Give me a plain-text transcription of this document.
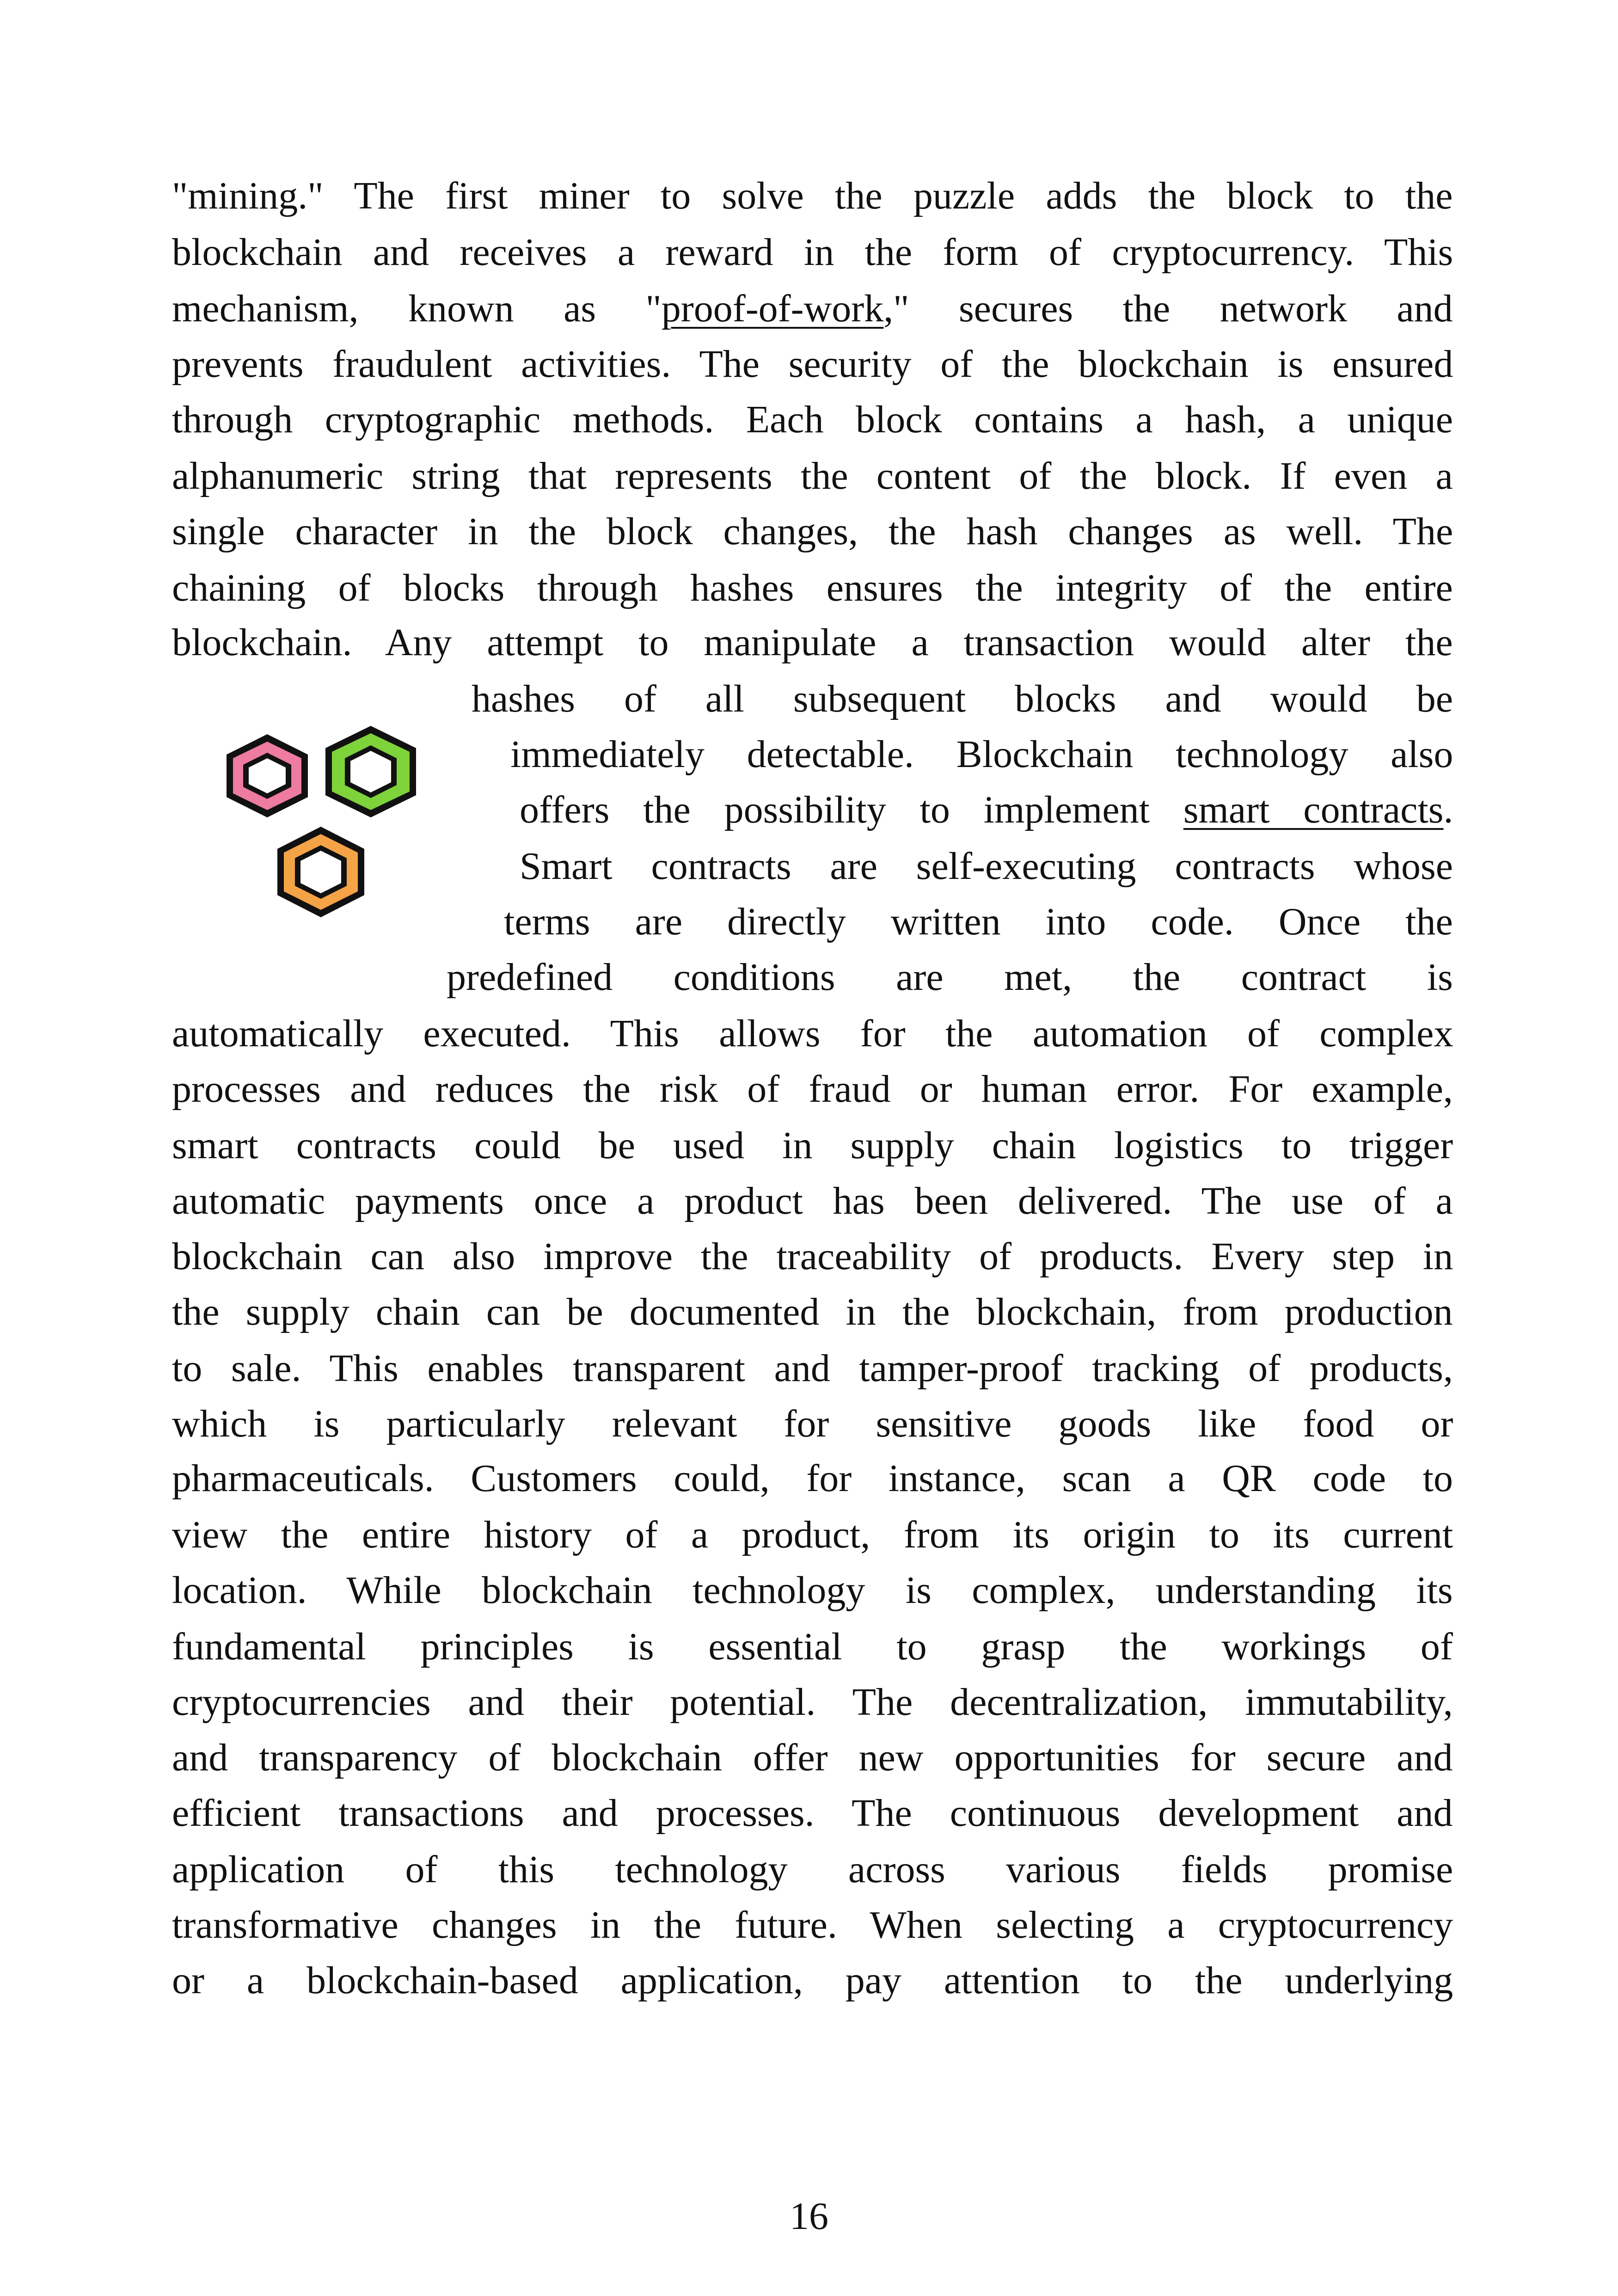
"mining." The first miner to solve the puzzle adds the block to the
blockchain and receives a reward in the form of cryptocurrency. This
mechanism, known as "proof-of-work," secures the network and
prevents fraudulent activities. The security of the blockchain is ensured
through cryptographic methods. Each block contains a hash, a unique
alphanumeric string that represents the content of the block. If even a
single character in the block changes, the hash changes as well. The
chaining of blocks through hashes ensures the integrity of the entire
blockchain. Any attempt to manipulate a transaction would alter the
hashes of all subsequent blocks and would be
immediately detectable. Blockchain technology also
offers the possibility to implement smart contracts.
Smart contracts are self-executing contracts whose
terms are directly written into code. Once the
predefined conditions are met, the contract is
automatically executed. This allows for the automation of complex
processes and reduces the risk of fraud or human error. For example,
smart contracts could be used in supply chain logistics to trigger
automatic payments once a product has been delivered. The use of a
blockchain can also improve the traceability of products. Every step in
the supply chain can be documented in the blockchain, from production
to sale. This enables transparent and tamper-proof tracking of products,
which is particularly relevant for sensitive goods like food or
pharmaceuticals. Customers could, for instance, scan a QR code to
view the entire history of a product, from its origin to its current
location. While blockchain technology is complex, understanding its
fundamental principles is essential to grasp the workings of
cryptocurrencies and their potential. The decentralization, immutability,
and transparency of blockchain offer new opportunities for secure and
efficient transactions and processes. The continuous development and
application of this technology across various fields promise
transformative changes in the future. When selecting a cryptocurrency
or a blockchain-based application, pay attention to the underlying
16
